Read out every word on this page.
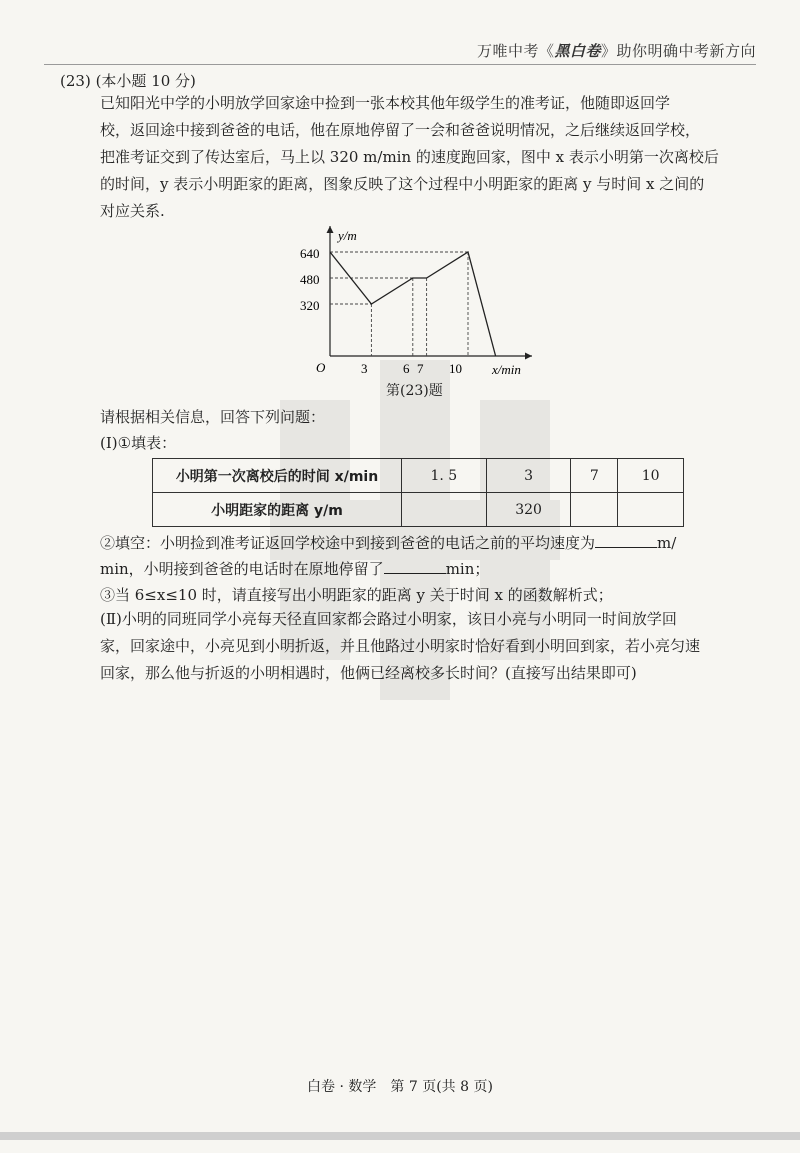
万唯中考《黑白卷》助你明确中考新方向
(23) (本小题 10 分)
已知阳光中学的小明放学回家途中捡到一张本校其他年级学生的准考证，他随即返回学
校，返回途中接到爸爸的电话，他在原地停留了一会和爸爸说明情况，之后继续返回学校，
把准考证交到了传达室后，马上以 320 m/min 的速度跑回家，图中 x 表示小明第一次离校后
的时间，y 表示小明距家的距离，图象反映了这个过程中小明距家的距离 y 与时间 x 之间的
对应关系.
y/m
x/min
O
640
480
320
3	6 7 10
第(23)题
请根据相关信息，回答下列问题：
(Ⅰ)①填表：
小明第一次离校后的时间 x/min	1. 5	3	7	10
小明距家的距离 y/m		320		
②填空：小明捡到准考证返回学校途中到接到爸爸的电话之前的平均速度为	m/
min，小明接到爸爸的电话时在原地停留了	min；
③当 6≤x≤10 时，请直接写出小明距家的距离 y 关于时间 x 的函数解析式；
(Ⅱ)小明的同班同学小亮每天径直回家都会路过小明家，该日小亮与小明同一时间放学回
家，回家途中，小亮见到小明折返，并且他路过小明家时恰好看到小明回到家，若小亮匀速
回家，那么他与折返的小明相遇时，他俩已经离校多长时间？(直接写出结果即可)
白卷 · 数学　第 7 页(共 8 页)
